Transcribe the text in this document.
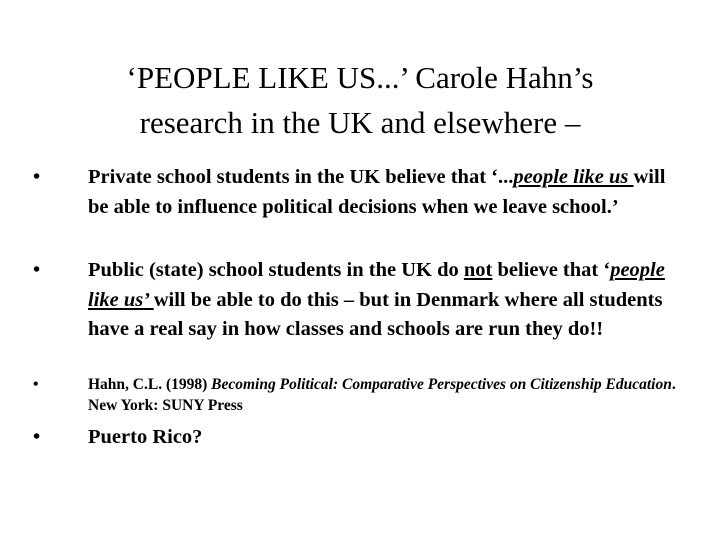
‘PEOPLE LIKE US...’ Carole Hahn’s
research in the UK and elsewhere –
• Private school students in the UK believe that ‘...people like us will be able to influence political decisions when we leave school.’
• Public (state) school students in the UK do not believe that ‘people like us’ will be able to do this – but in Denmark where all students have a real say in how classes and schools are run they do!!
•	Hahn, C.L. (1998) Becoming Political: Comparative Perspectives on Citizenship Education. New York: SUNY Press
• Puerto Rico?
